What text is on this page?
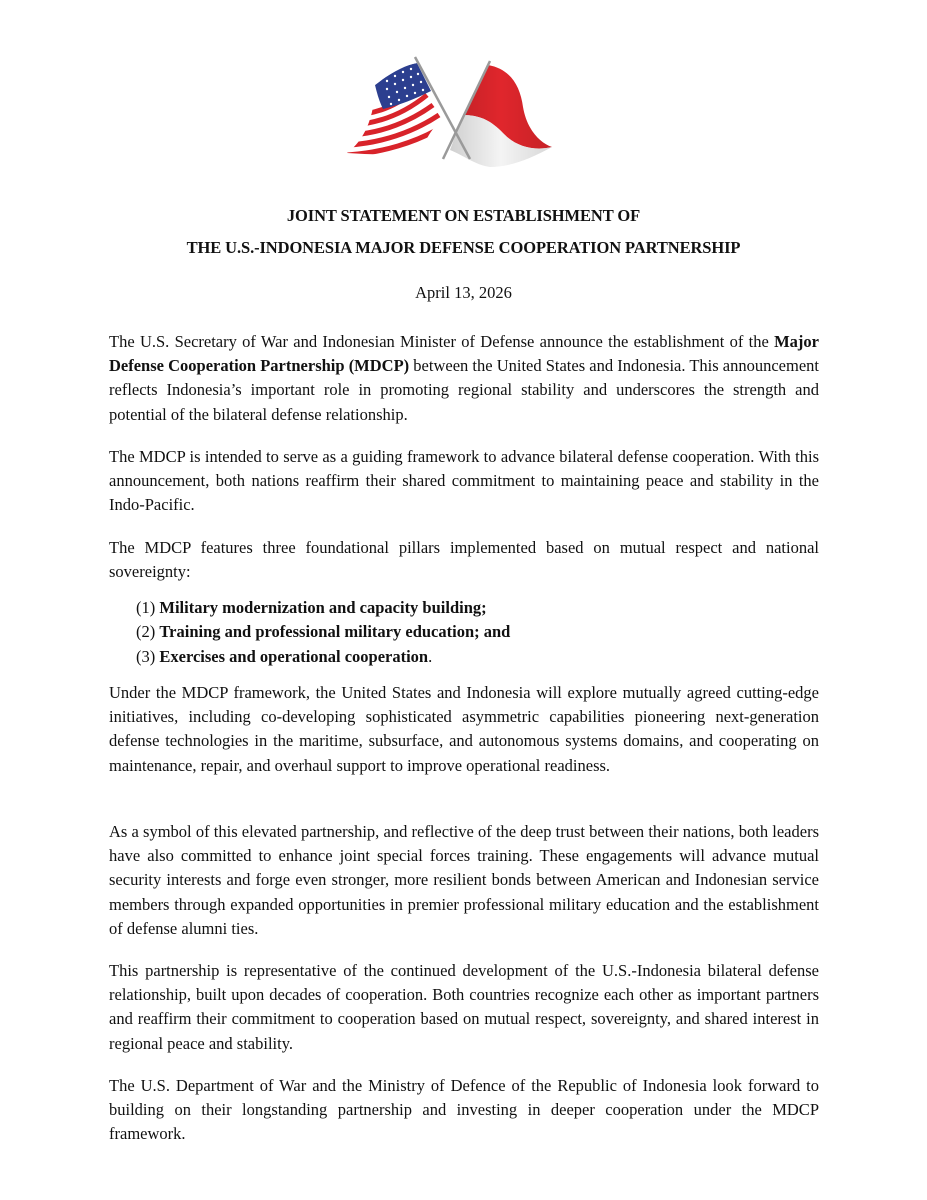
JOINT STATEMENT ON ESTABLISHMENT OF
THE U.S.-INDONESIA MAJOR DEFENSE COOPERATION PARTNERSHIP
April 13, 2026
The U.S. Secretary of War and Indonesian Minister of Defense announce the establishment of the Major Defense Cooperation Partnership (MDCP) between the United States and Indonesia. This announcement reflects Indonesia’s important role in promoting regional stability and underscores the strength and potential of the bilateral defense relationship.
The MDCP is intended to serve as a guiding framework to advance bilateral defense cooperation. With this announcement, both nations reaffirm their shared commitment to maintaining peace and stability in the Indo-Pacific.
The MDCP features three foundational pillars implemented based on mutual respect and national sovereignty:
(1) Military modernization and capacity building;
(2) Training and professional military education; and
(3) Exercises and operational cooperation.
Under the MDCP framework, the United States and Indonesia will explore mutually agreed cutting-edge initiatives, including co-developing sophisticated asymmetric capabilities pioneering next-generation defense technologies in the maritime, subsurface, and autonomous systems domains, and cooperating on maintenance, repair, and overhaul support to improve operational readiness.
As a symbol of this elevated partnership, and reflective of the deep trust between their nations, both leaders have also committed to enhance joint special forces training. These engagements will advance mutual security interests and forge even stronger, more resilient bonds between American and Indonesian service members through expanded opportunities in premier professional military education and the establishment of defense alumni ties.
This partnership is representative of the continued development of the U.S.-Indonesia bilateral defense relationship, built upon decades of cooperation. Both countries recognize each other as important partners and reaffirm their commitment to cooperation based on mutual respect, sovereignty, and shared interest in regional peace and stability.
The U.S. Department of War and the Ministry of Defence of the Republic of Indonesia look forward to building on their longstanding partnership and investing in deeper cooperation under the MDCP framework.
